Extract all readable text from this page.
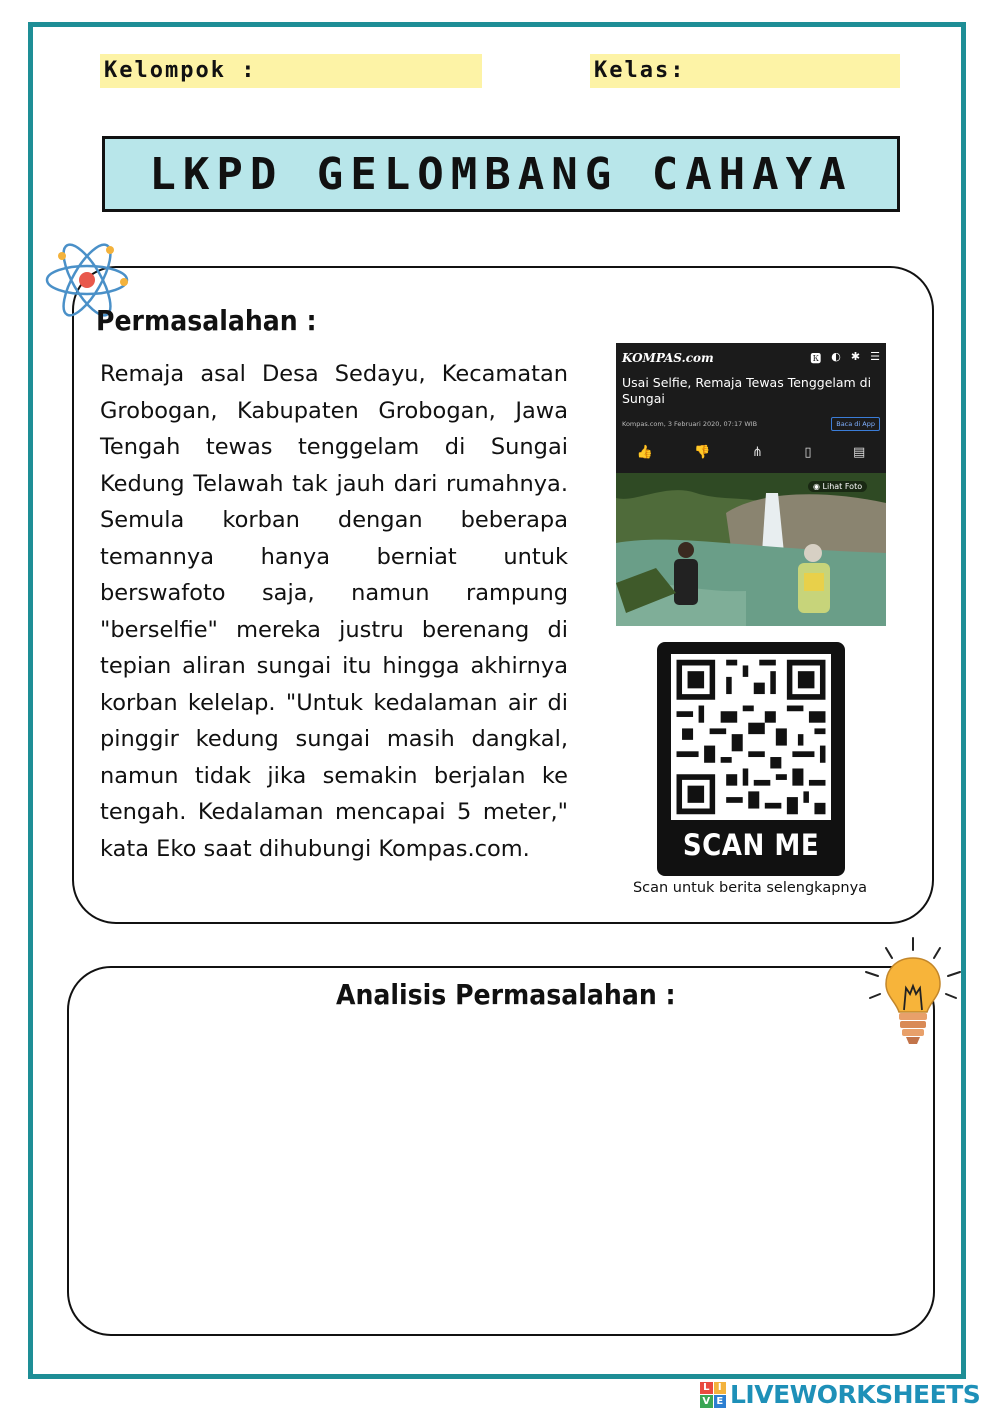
Kelompok :	Kelas:
LKPD GELOMBANG CAHAYA
Permasalahan :
Remaja asal Desa Sedayu, Kecamatan Grobogan, Kabupaten Grobogan, Jawa Tengah tewas tenggelam di Sungai Kedung Telawah tak jauh dari rumahnya. Semula korban dengan beberapa temannya hanya berniat untuk berswafoto saja, namun rampung "berselfie" mereka justru berenang di tepian aliran sungai itu hingga akhirnya korban kelelap. "Untuk kedalaman air di pinggir kedung sungai masih dangkal, namun tidak jika semakin berjalan ke tengah. Kedalaman mencapai 5 meter," kata Eko saat dihubungi Kompas.com.
KOMPAS.com	🅺 ◐ ✱ ☰
Usai Selfie, Remaja Tewas Tenggelam di Sungai
Kompas.com, 3 Februari 2020, 07:17 WIB	Baca di App
👍	👎	⋔	▯	▤
◉ Lihat Foto
SCAN ME
Scan untuk berita selengkapnya
Analisis Permasalahan :
L I
V E LIVEWORKSHEETS
